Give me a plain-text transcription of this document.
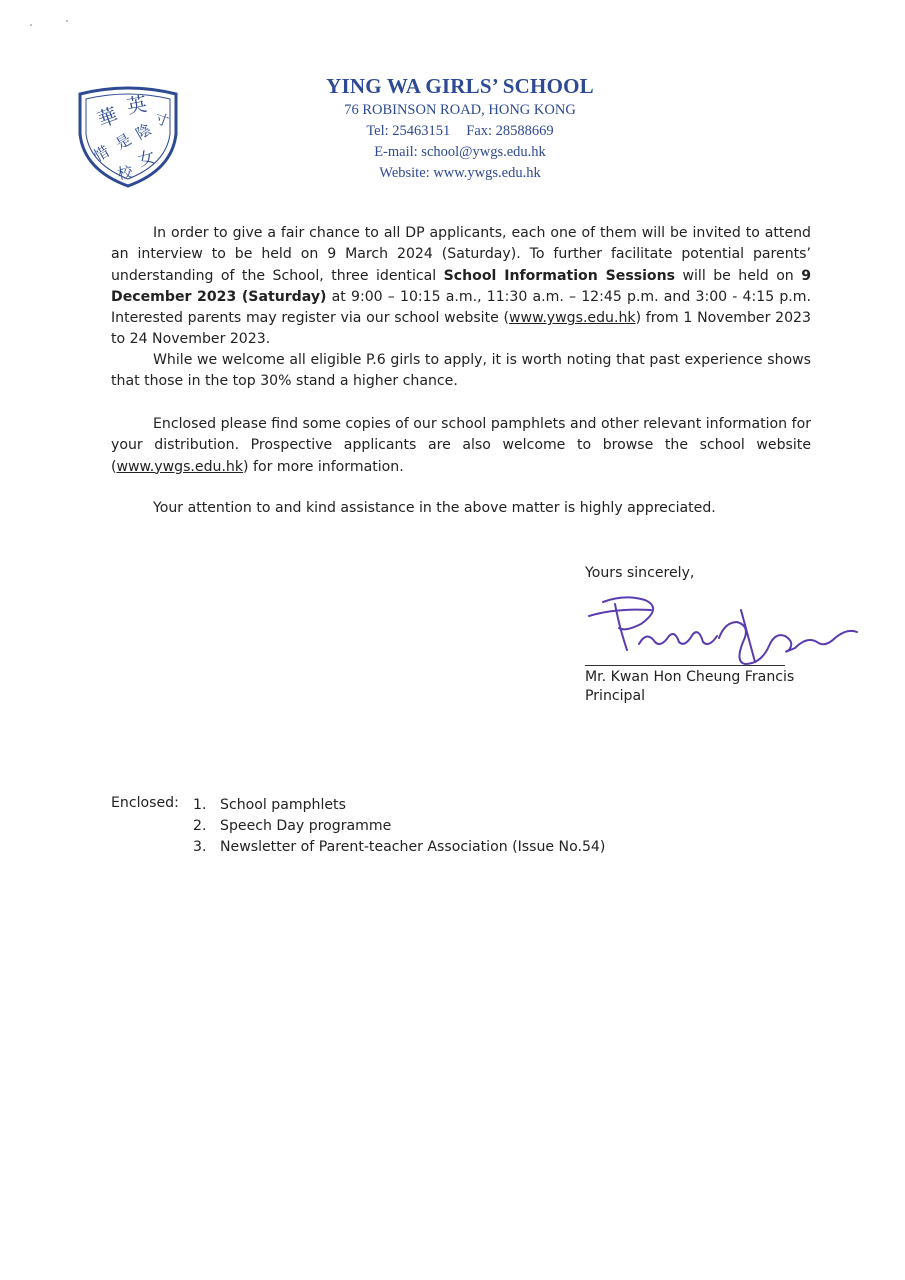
華 英
寸
陰
是
惜 女
校
YING WA GIRLS’ SCHOOL
76 ROBINSON ROAD, HONG KONG
Tel: 25463151 Fax: 28588669
E-mail: school@ywgs.edu.hk
Website: www.ywgs.edu.hk

In order to give a fair chance to all DP applicants, each one of them will be invited to attend an interview to be held on 9 March 2024 (Saturday). To further facilitate potential parents’ understanding of the School, three identical School Information Sessions will be held on 9 December 2023 (Saturday) at 9:00 – 10:15 a.m., 11:30 a.m. – 12:45 p.m. and 3:00 - 4:15 p.m. Interested parents may register via our school website (www.ywgs.edu.hk) from 1 November 2023 to 24 November 2023.

While we welcome all eligible P.6 girls to apply, it is worth noting that past experience shows that those in the top 30% stand a higher chance.

Enclosed please find some copies of our school pamphlets and other relevant information for your distribution. Prospective applicants are also welcome to browse the school website (www.ywgs.edu.hk) for more information.

Your attention to and kind assistance in the above matter is highly appreciated.

Yours sincerely,
Mr. Kwan Hon Cheung Francis
Principal
Enclosed: 1. School pamphlets
2. Speech Day programme
3. Newsletter of Parent-teacher Association (Issue No.54)
